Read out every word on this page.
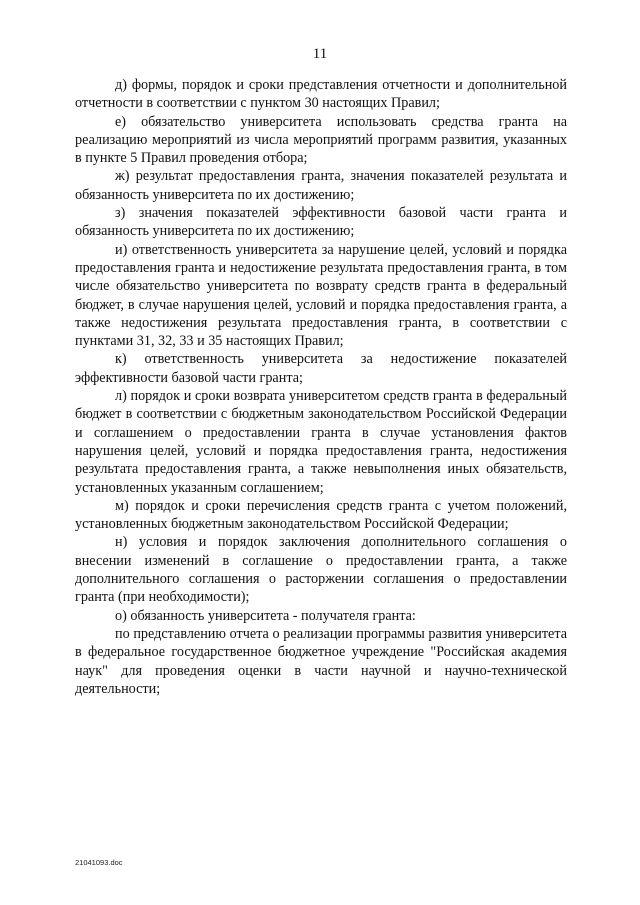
11

д) формы, порядок и сроки представления отчетности и дополнительной отчетности в соответствии с пунктом 30 настоящих Правил;

е) обязательство университета использовать средства гранта на реализацию мероприятий из числа мероприятий программ развития, указанных в пункте 5 Правил проведения отбора;

ж) результат предоставления гранта, значения показателей результата и обязанность университета по их достижению;

з) значения показателей эффективности базовой части гранта и обязанность университета по их достижению;

и) ответственность университета за нарушение целей, условий и порядка предоставления гранта и недостижение результата предоставления гранта, в том числе обязательство университета по возврату средств гранта в федеральный бюджет, в случае нарушения целей, условий и порядка предоставления гранта, а также недостижения результата предоставления гранта, в соответствии с пунктами 31, 32, 33 и 35 настоящих Правил;

к) ответственность университета за недостижение показателей эффективности базовой части гранта;

л) порядок и сроки возврата университетом средств гранта в федеральный бюджет в соответствии с бюджетным законодательством Российской Федерации и соглашением о предоставлении гранта в случае установления фактов нарушения целей, условий и порядка предоставления гранта, недостижения результата предоставления гранта, а также невыполнения иных обязательств, установленных указанным соглашением;

м) порядок и сроки перечисления средств гранта с учетом положений, установленных бюджетным законодательством Российской Федерации;

н) условия и порядок заключения дополнительного соглашения о внесении изменений в соглашение о предоставлении гранта, а также дополнительного соглашения о расторжении соглашения о предоставлении гранта (при необходимости);

о) обязанность университета - получателя гранта:

по представлению отчета о реализации программы развития университета в федеральное государственное бюджетное учреждение "Российская академия наук" для проведения оценки в части научной и научно-технической деятельности;

21041093.doc
